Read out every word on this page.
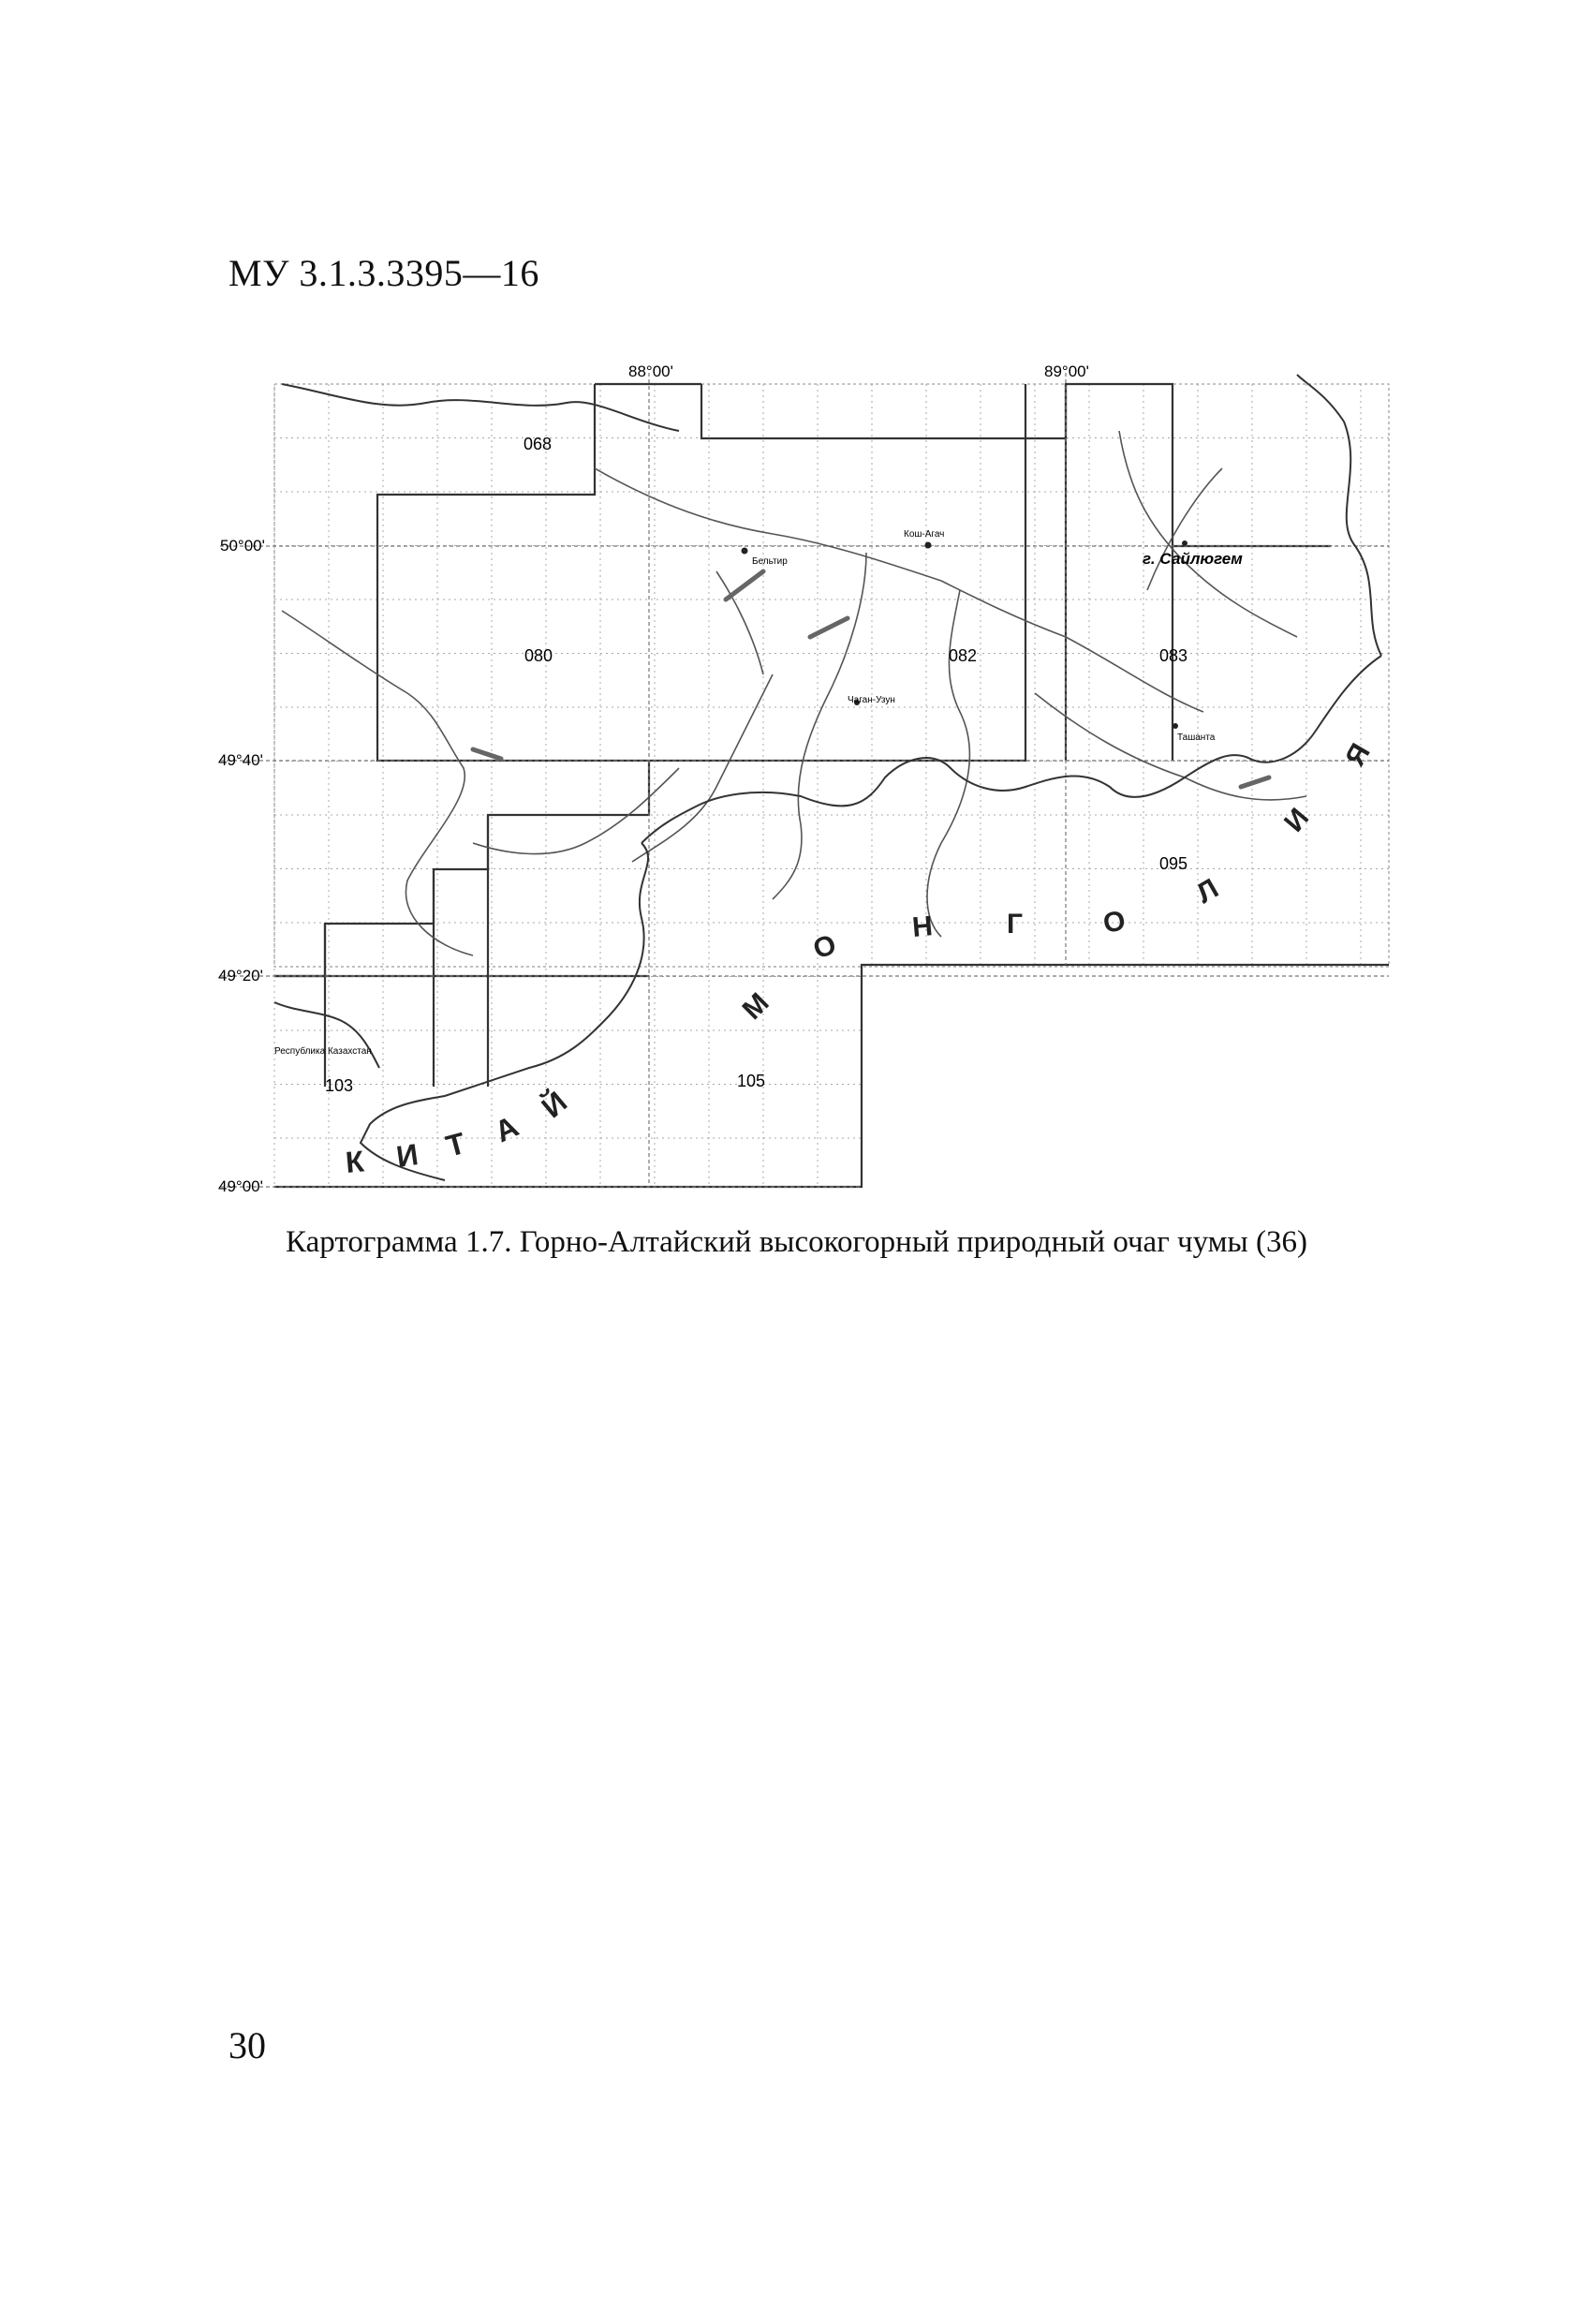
МУ 3.1.3.3395—16
88°00'	89°00'
50°00'
49°40'
49°20'
49°00'
068
080	082	083
095
103	105
г. Сайлюгем
Кош-Агач
Бельтир
Чаган-Узун
Ташанта
Республика Казахстан
М
О
Н	Г	О
Л
И
Я
К И Т А
Й
Картограмма 1.7. Горно-Алтайский высокогорный природный очаг чумы (36)
30
